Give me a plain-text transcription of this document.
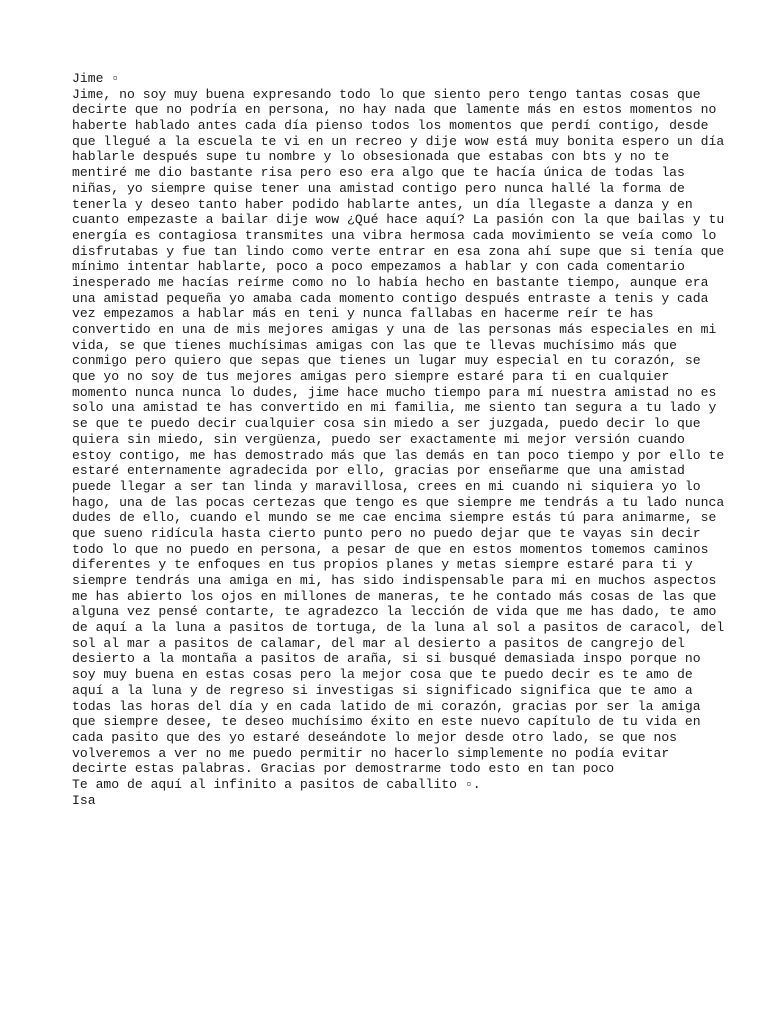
Jime ▫
Jime, no soy muy buena expresando todo lo que siento pero tengo tantas cosas que
decirte que no podría en persona, no hay nada que lamente más en estos momentos no
haberte hablado antes cada día pienso todos los momentos que perdí contigo, desde
que llegué a la escuela te vi en un recreo y dije wow está muy bonita espero un día
hablarle después supe tu nombre y lo obsesionada que estabas con bts y no te
mentiré me dio bastante risa pero eso era algo que te hacía única de todas las
niñas, yo siempre quise tener una amistad contigo pero nunca hallé la forma de
tenerla y deseo tanto haber podido hablarte antes, un día llegaste a danza y en
cuanto empezaste a bailar dije wow ¿Qué hace aquí? La pasión con la que bailas y tu
energía es contagiosa transmites una vibra hermosa cada movimiento se veía como lo
disfrutabas y fue tan lindo como verte entrar en esa zona ahí supe que si tenía que
mínimo intentar hablarte, poco a poco empezamos a hablar y con cada comentario
inesperado me hacías reírme como no lo había hecho en bastante tiempo, aunque era
una amistad pequeña yo amaba cada momento contigo después entraste a tenis y cada
vez empezamos a hablar más en teni y nunca fallabas en hacerme reír te has
convertido en una de mis mejores amigas y una de las personas más especiales en mi
vida, se que tienes muchísimas amigas con las que te llevas muchísimo más que
conmigo pero quiero que sepas que tienes un lugar muy especial en tu corazón, se
que yo no soy de tus mejores amigas pero siempre estaré para ti en cualquier
momento nunca nunca lo dudes, jime hace mucho tiempo para mí nuestra amistad no es
solo una amistad te has convertido en mi familia, me siento tan segura a tu lado y
se que te puedo decir cualquier cosa sin miedo a ser juzgada, puedo decir lo que
quiera sin miedo, sin vergüenza, puedo ser exactamente mi mejor versión cuando
estoy contigo, me has demostrado más que las demás en tan poco tiempo y por ello te
estaré enternamente agradecida por ello, gracias por enseñarme que una amistad
puede llegar a ser tan linda y maravillosa, crees en mi cuando ni siquiera yo lo
hago, una de las pocas certezas que tengo es que siempre me tendrás a tu lado nunca
dudes de ello, cuando el mundo se me cae encima siempre estás tú para animarme, se
que sueno ridícula hasta cierto punto pero no puedo dejar que te vayas sin decir
todo lo que no puedo en persona, a pesar de que en estos momentos tomemos caminos
diferentes y te enfoques en tus propios planes y metas siempre estaré para ti y
siempre tendrás una amiga en mi, has sido indispensable para mi en muchos aspectos
me has abierto los ojos en millones de maneras, te he contado más cosas de las que
alguna vez pensé contarte, te agradezco la lección de vida que me has dado, te amo
de aquí a la luna a pasitos de tortuga, de la luna al sol a pasitos de caracol, del
sol al mar a pasitos de calamar, del mar al desierto a pasitos de cangrejo del
desierto a la montaña a pasitos de araña, si si busqué demasiada inspo porque no
soy muy buena en estas cosas pero la mejor cosa que te puedo decir es te amo de
aquí a la luna y de regreso si investigas si significado significa que te amo a
todas las horas del día y en cada latido de mi corazón, gracias por ser la amiga
que siempre desee, te deseo muchísimo éxito en este nuevo capítulo de tu vida en
cada pasito que des yo estaré deseándote lo mejor desde otro lado, se que nos
volveremos a ver no me puedo permitir no hacerlo simplemente no podía evitar
decirte estas palabras. Gracias por demostrarme todo esto en tan poco
Te amo de aquí al infinito a pasitos de caballito ▫.
Isa
